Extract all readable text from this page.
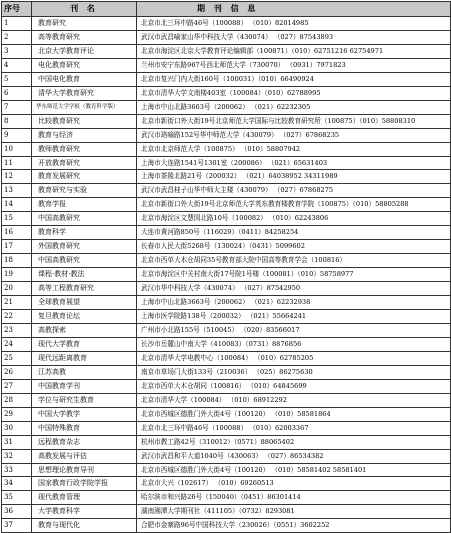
序号	刊 名	期 刊 信 息
1	教育研究	北京市北三环中路46号（100088） （010）82014985
2	高等教育研究	武汉市武昌喻家山华中科技大学（430074） （027）87543893
3	北京大学教育评论	北京市海淀区北京大学教育评论编辑部（100871）（010）62751216 62754971
4	电化教育研究	兰州市安宁东路967号西北师范大学（730070） （0931）7971823
5	中国电化教育	北京市复兴门内大街160号（100031）（010）66490924
6	清华大学教育研究	北京市清华大学文南楼403室（100084）（010）62788995
7	华东师范大学学报（教育科学版）	上海市中山北路3663号（200062） （021）62232305
8	比较教育研究	北京市新街口外大街19号北京师范大学国际与比较教育研究所（100875）（010）58808310
9	教育与经济	武汉市珞喻路152号华中师范大学（430079） （027）67868235
10	教师教育研究	北京市北京师范大学（100875） （010）58807942
11	开放教育研究	上海市大连路1541号1301室（200086） （021）65631403
12	教育发展研究	上海市茶陵北路21号（200032） （021）64038952 34311989
13	教育研究与实验	武汉市武昌桂子山华中师大主楼（430079） （027）67868275
14	教育学报	北京市新街口外大街19号北京师范大学英东教育楼教育学院（100875）（010）58805288
15	中国高教研究	北京市海淀区文慧园北路10号（100082） （010）62243806
16	教育科学	大连市黄河路850号（116029）（0411）84258254
17	外国教育研究	长春市人民大街5268号（130024）（0431）5099602
18	中国高教研究	北京市西单大木仓胡同35号教育部大院中国高等教育学会（100816）
19	课程·教材·教法	北京市海淀区中关村南大街17号院1号楼（100081）（010）58758977
20	高等工程教育研究	武汉市华中科技大学（430074） （027）87542950
21	全球教育展望	上海市中山北路3663号（200062） （021）62232938
22	复旦教育论坛	上海市医学院路138号（200032） （021）55664241
23	高教探索	广州市小北路155号（510045） （020）83566017
24	现代大学教育	长沙市岳麓山中南大学（410083）（0731）8876856
25	现代远距离教育	北京市清华大学电教中心（100084） （010）62785205
26	江苏高教	南京市草场门大街133号（210036） （025）86275630
27	中国教育学刊	北京市西单大木仓胡同（100816） （010）64845699
28	学位与研究生教育	北京市清华大学（100084） （010）68912292
29	中国大学教学	北京市西城区德胜门外大街4号（100120） （010）58581864
30	中国特殊教育	北京市北三环中路46号（100088） （010）62003367
31	远程教育杂志	杭州市教工路42号（310012）（0571）88065402
32	高教发展与评估	武汉市武昌和平大道1040号（430063） （027）86534382
33	思想理论教育导刊	北京市西城区德胜门外大街4号（100120） （010）58581402 58581401
34	国家教育行政学院学报	北京市大兴（102617） （010）69260513
35	现代教育管理	哈尔滨市和兴路26号（150040）（0451）86301414
36	大学教育科学	湖南湘潭大学期刊社（411105）（0732）8293081
37	教育与现代化	合肥市金寨路96号中国科技大学（230026）（0551）3602252
